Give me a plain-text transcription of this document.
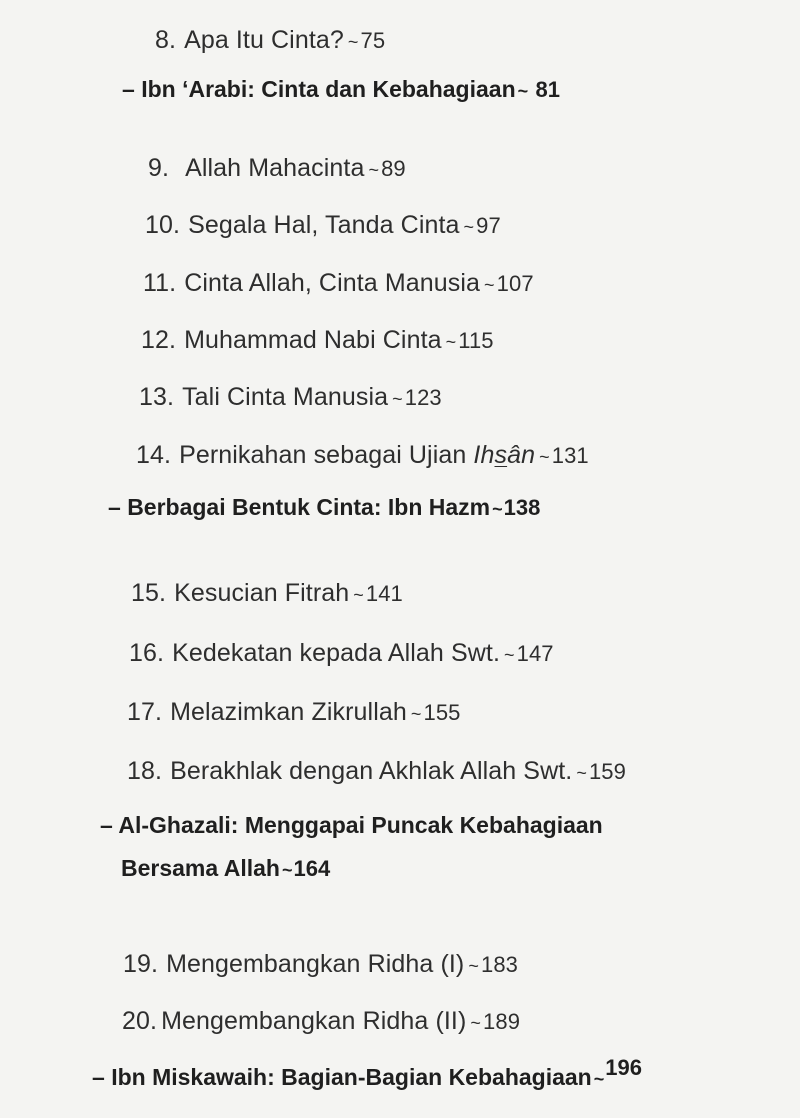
8. Apa Itu Cinta? ~75
– Ibn ‘Arabi: Cinta dan Kebahagiaan ~ 81
9. Allah Mahacinta ~89
10. Segala Hal, Tanda Cinta ~97
11. Cinta Allah, Cinta Manusia ~107
12. Muhammad Nabi Cinta ~115
13. Tali Cinta Manusia ~123
14. Pernikahan sebagai Ujian Ihsân ~131
– Berbagai Bentuk Cinta: Ibn Hazm ~138
15. Kesucian Fitrah ~141
16. Kedekatan kepada Allah Swt. ~147
17. Melazimkan Zikrullah ~155
18. Berakhlak dengan Akhlak Allah Swt. ~159
– Al-Ghazali: Menggapai Puncak Kebahagiaan
Bersama Allah ~164
19. Mengembangkan Ridha (I) ~183
20. Mengembangkan Ridha (II) ~189
– Ibn Miskawaih: Bagian-Bagian Kebahagiaan ~196
